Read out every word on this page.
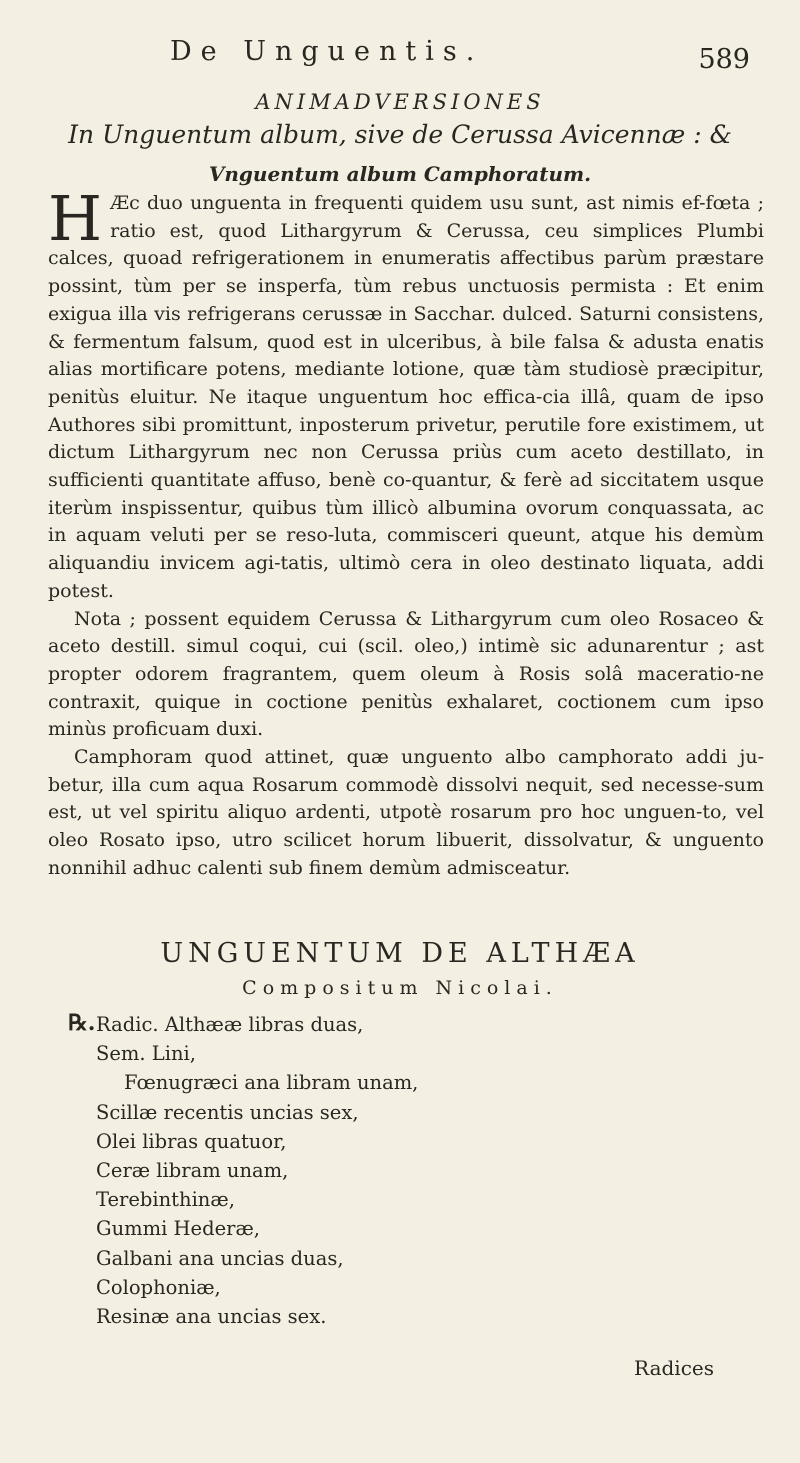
De Unguentis.	589
ANIMADVERSIONES
In Unguentum album, sive de Cerussa Avicennæ : &
Vnguentum album Camphoratum.

H Æc duo unguenta in frequenti quidem usu sunt, ast nimis ef-fœta ; ratio est, quod Lithargyrum & Cerussa, ceu simplices Plumbi calces, quoad refrigerationem in enumeratis affectibus parùm præstare possint, tùm per se insperfa, tùm rebus unctuosis permista : Et enim exigua illa vis refrigerans cerussæ in Sacchar. dulced. Saturni consistens, & fermentum falsum, quod est in ulceribus, à bile falsa & adusta enatis alias mortificare potens, mediante lotione, quæ tàm studiosè præcipitur, penitùs eluitur. Ne itaque unguentum hoc effica-cia illâ, quam de ipso Authores sibi promittunt, inposterum privetur, perutile fore existimem, ut dictum Lithargyrum nec non Cerussa priùs cum aceto destillato, in sufficienti quantitate affuso, benè co-quantur, & ferè ad siccitatem usque iterùm inspissentur, quibus tùm illicò albumina ovorum conquassata, ac in aquam veluti per se reso-luta, commisceri queunt, atque his demùm aliquandiu invicem agi-tatis, ultimò cera in oleo destinato liquata, addi potest.

Nota ; possent equidem Cerussa & Lithargyrum cum oleo Rosaceo & aceto destill. simul coqui, cui (scil. oleo,) intimè sic adunarentur ; ast propter odorem fragrantem, quem oleum à Rosis solâ maceratio-ne contraxit, quique in coctione penitùs exhalaret, coctionem cum ipso minùs proficuam duxi.

Camphoram quod attinet, quæ unguento albo camphorato addi ju-betur, illa cum aqua Rosarum commodè dissolvi nequit, sed necesse-sum est, ut vel spiritu aliquo ardenti, utpotè rosarum pro hoc unguen-to, vel oleo Rosato ipso, utro scilicet horum libuerit, dissolvatur, & unguento nonnihil adhuc calenti sub finem demùm admisceatur.

UNGUENTUM DE ALTHÆA
Compositum Nicolai.
℞. Radic. Althææ libras duas,
Sem. Lini,
Fœnugræci ana libram unam,
Scillæ recentis uncias sex,
Olei libras quatuor,
Ceræ libram unam,
Terebinthinæ,
Gummi Hederæ,
Galbani ana uncias duas,
Colophoniæ,
Resinæ ana uncias sex.
Radices
